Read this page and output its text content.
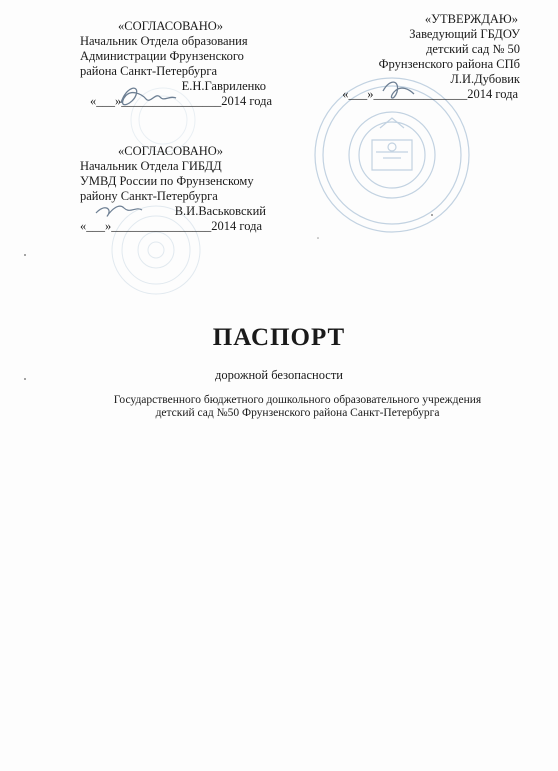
«СОГЛАСОВАНО»
Начальник Отдела образования
Администрации Фрунзенского
района Санкт-Петербурга
Е.Н.Гавриленко
«___»________________2014 года
«УТВЕРЖДАЮ»
Заведующий ГБДОУ
детский сад № 50
Фрунзенского района СПб
Л.И.Дубовик
«___»_______________2014 года
«СОГЛАСОВАНО»
Начальник Отдела ГИБДД
УМВД России по Фрунзенскому
району Санкт-Петербурга
В.И.Васьковский
«___»________________2014 года
ПАСПОРТ
дорожной безопасности
Государственного бюджетного дошкольного образовательного учреждения
детский сад №50 Фрунзенского района Санкт-Петербурга
